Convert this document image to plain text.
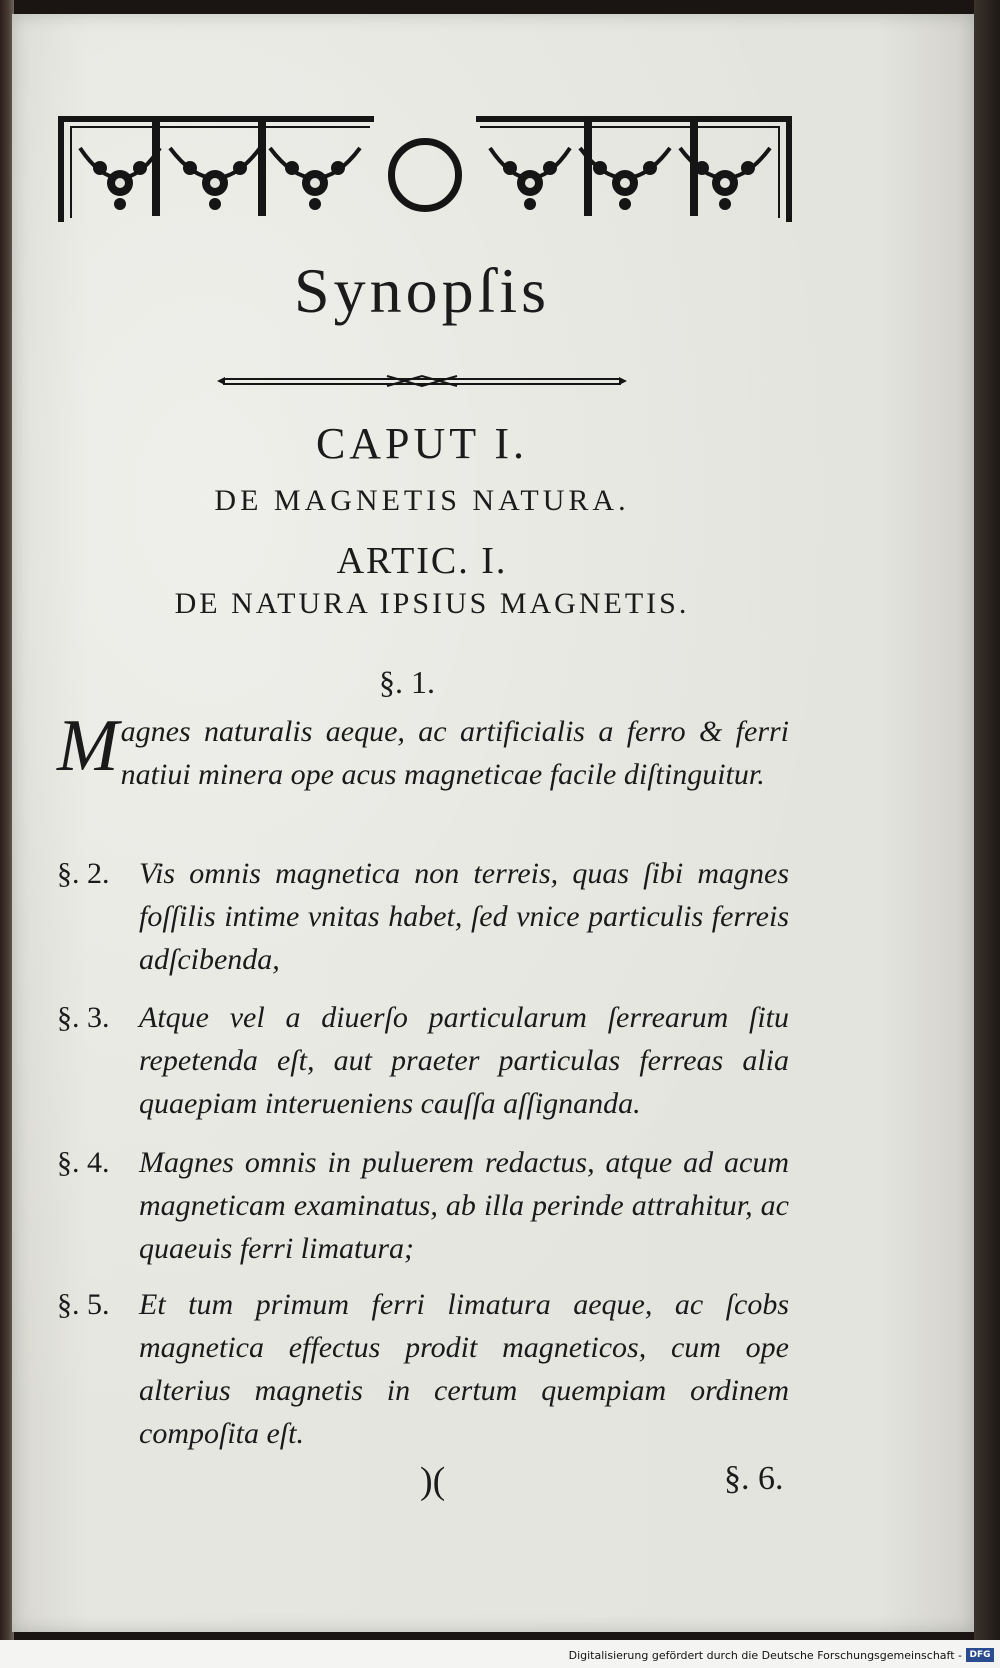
Synopſis
CAPUT I.
DE MAGNETIS NATURA.
ARTIC. I.
DE NATURA IPSIUS MAGNETIS.
§. 1.
M agnes naturalis aeque, ac artificialis a ferro & ferri natiui minera ope acus magneticae facile diſtinguitur.
§. 2. Vis omnis magnetica non terreis, quas ſibi magnes foſſilis intime vnitas habet, ſed vnice particulis ferreis adſcibenda,
§. 3. Atque vel a diuerſo particularum ſerrearum ſitu repetenda eſt, aut praeter particulas ferreas alia quaepiam interueniens cauſſa aſſignanda.
§. 4. Magnes omnis in puluerem redactus, atque ad acum magneticam examinatus, ab illa perinde attrahitur, ac quaeuis ferri limatura;
§. 5. Et tum primum ferri limatura aeque, ac ſcobs magnetica effectus prodit magneticos, cum ope alterius magnetis in certum quempiam ordinem compoſita eſt.
)(	§. 6.
Digitalisierung gefördert durch die Deutsche Forschungsgemeinschaft - DFG
